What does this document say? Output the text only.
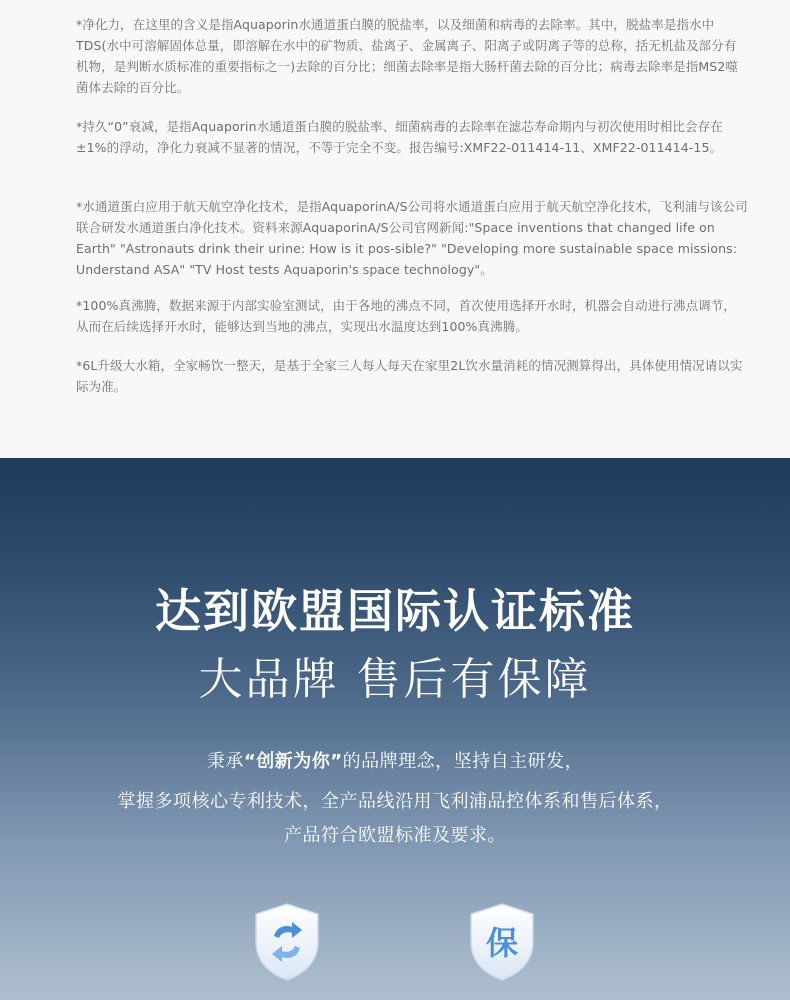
*净化力，在这里的含义是指Aquaporin水通道蛋白膜的脱盐率，以及细菌和病毒的去除率。其中，脱盐率是指水中TDS(水中可溶解固体总量，即溶解在水中的矿物质、盐离子、金属离子、阳离子或阴离子等的总称，括无机盐及部分有机物，是判断水质标准的重要指标之一)去除的百分比；细菌去除率是指大肠杆菌去除的百分比；病毒去除率是指MS2噬菌体去除的百分比。

*持久“0”衰减，是指Aquaporin水通道蛋白膜的脱盐率、细菌病毒的去除率在滤芯寿命期内与初次使用时相比会存在±1%的浮动，净化力衰减不显著的情况，不等于完全不变。报告编号:XMF22-011414-11、XMF22-011414-15。

*水通道蛋白应用于航天航空净化技术，是指AquaporinA/S公司将水通道蛋白应用于航天航空净化技术，飞利浦与该公司联合研发水通道蛋白净化技术。资料来源AquaporinA/S公司官网新闻:"Space inventions that changed life on Earth" "Astronauts drink their urine: How is it pos-sible?" "Developing more sustainable space missions: Understand ASA" "TV Host tests Aquaporin's space technology"。

*100%真沸腾，数据来源于内部实验室测试，由于各地的沸点不同，首次使用选择开水时，机器会自动进行沸点调节，从而在后续选择开水时，能够达到当地的沸点，实现出水温度达到100%真沸腾。

*6L升级大水箱，全家畅饮一整天，是基于全家三人每人每天在家里2L饮水量消耗的情况测算得出，具体使用情况请以实际为准。

达到欧盟国际认证标准
大品牌 售后有保障

秉承“创新为你”的品牌理念，坚持自主研发，

掌握多项核心专利技术，全产品线沿用飞利浦品控体系和售后体系，

产品符合欧盟标准及要求。

保
